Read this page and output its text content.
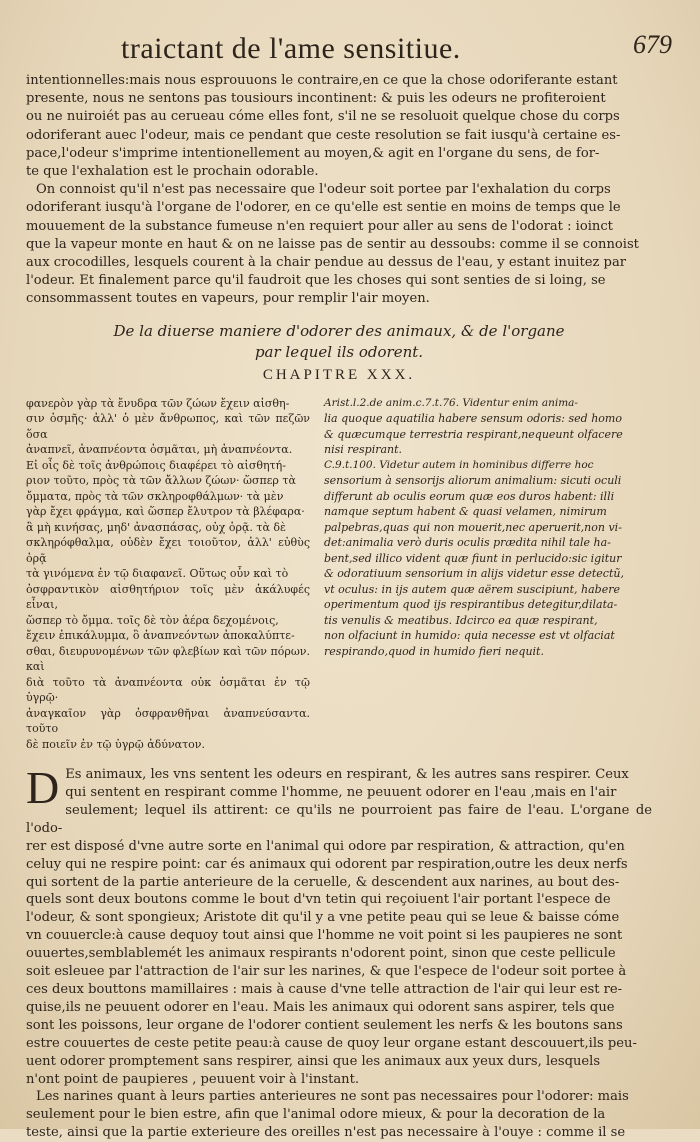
traictant de l'ame sensitiue.	679

intentionnelles:mais nous esprouuons le contraire,en ce que la chose odoriferante estant

presente, nous ne sentons pas tousiours incontinent: & puis les odeurs ne profiteroient

ou ne nuiroiét pas au cerueau cóme elles font, s'il ne se resoluoit quelque chose du corps

odoriferant auec l'odeur, mais ce pendant que ceste resolution se fait iusqu'à certaine es-

pace,l'odeur s'imprime intentionellement au moyen,& agit en l'organe du sens, de for-

te que l'exhalation est le prochain odorable.

On connoist qu'il n'est pas necessaire que l'odeur soit portee par l'exhalation du corps

odoriferant iusqu'à l'organe de l'odorer, en ce qu'elle est sentie en moins de temps que le

mouuement de la substance fumeuse n'en requiert pour aller au sens de l'odorat : ioinct

que la vapeur monte en haut & on ne laisse pas de sentir au dessoubs: comme il se connoist

aux crocodilles, lesquels courent à la chair pendue au dessus de l'eau, y estant inuitez par

l'odeur. Et finalement parce qu'il faudroit que les choses qui sont senties de si loing, se

consommassent toutes en vapeurs, pour remplir l'air moyen.

De la diuerse maniere d'odorer des animaux, & de l'organe
par lequel ils odorent.
CHAPITRE XXX.

φανερὸν γὰρ τὰ ἔνυδρα τῶν ζώων ἔχειν αἰσθη-

σιν ὀσμῆς· ἀλλ' ὁ μὲν ἄνθρωπος, καὶ τῶν πεζῶν ὅσα

ἀναπνεῖ, ἀναπνέοντα ὀσμᾶται, μὴ ἀναπνέοντα.

Εἰ οἷς δὲ τοῖς ἀνθρώποις διαφέρει τὸ αἰσθητή-

ριον τοῦτο, πρὸς τὰ τῶν ἄλλων ζώων· ὥσπερ τὰ

ὄμματα, πρὸς τὰ τῶν σκληροφθάλμων· τὰ μὲν

γὰρ ἔχει φράγμα, καὶ ὥσπερ ἔλυτρον τὰ βλέφαρα·

ἃ μὴ κινήσας, μηδ' ἀνασπάσας, οὐχ ὁρᾷ. τὰ δὲ

σκληρόφθαλμα, οὐδὲν ἔχει τοιοῦτον, ἀλλ' εὐθὺς ὁρᾷ

τὰ γινόμενα ἐν τῷ διαφανεῖ. Οὕτως οὖν καὶ τὸ

ὀσφραντικὸν αἰσθητήριον τοῖς μὲν ἀκάλυφές εἶναι,

ὥσπερ τὸ ὄμμα. τοῖς δὲ τὸν ἀέρα δεχομένοις,

ἔχειν ἐπικάλυμμα, ὃ ἀναπνεόντων ἀποκαλύπτε-

σθαι, διευρυνομένων τῶν φλεβίων καὶ τῶν πόρων. καὶ

διὰ τοῦτο τὰ ἀναπνέοντα οὐκ ὀσμᾶται ἐν τῷ ὑγρῷ·

ἀναγκαῖον γὰρ ὀσφρανθῆναι ἀναπνεύσαντα. τοῦτο

δὲ ποιεῖν ἐν τῷ ὑγρῷ ἀδύνατον.

Arist.l.2.de anim.c.7.t.76. Videntur enim anima-

lia quoque aquatilia habere sensum odoris: sed homo

& quæcumque terrestria respirant,nequeunt olfacere

nisi respirant.

C.9.t.100. Videtur autem in hominibus differre hoc

sensorium à sensorijs aliorum animalium: sicuti oculi

differunt ab oculis eorum quæ eos duros habent: illi

namque septum habent & quasi velamen, nimirum

palpebras,quas qui non mouerit,nec aperuerit,non vi-

det:animalia verò duris oculis prædita nihil tale ha-

bent,sed illico vident quæ fiunt in perlucido:sic igitur

& odoratiuum sensorium in alijs videtur esse detectũ,

vt oculus: in ijs autem quæ aërem suscipiunt, habere

operimentum quod ijs respirantibus detegitur,dilata-

tis venulis & meatibus. Idcirco ea quæ respirant,

non olfaciunt in humido: quia necesse est vt olfaciat

respirando,quod in humido fieri nequit.

D Es animaux, les vns sentent les odeurs en respirant, & les autres sans respirer. Ceux

qui sentent en respirant comme l'homme, ne peuuent odorer en l'eau ,mais en l'air

seulement; lequel ils attirent: ce qu'ils ne pourroient pas faire de l'eau. L'organe de l'odo-

rer est disposé d'vne autre sorte en l'animal qui odore par respiration, & attraction, qu'en

celuy qui ne respire point: car és animaux qui odorent par respiration,outre les deux nerfs

qui sortent de la partie anterieure de la ceruelle, & descendent aux narines, au bout des-

quels sont deux boutons comme le bout d'vn tetin qui reçoiuent l'air portant l'espece de

l'odeur, & sont spongieux; Aristote dit qu'il y a vne petite peau qui se leue & baisse cóme

vn couuercle:à cause dequoy tout ainsi que l'homme ne voit point si les paupieres ne sont

ouuertes,semblablemét les animaux respirants n'odorent point, sinon que ceste pellicule

soit esleuee par l'attraction de l'air sur les narines, & que l'espece de l'odeur soit portee à

ces deux bouttons mamillaires : mais à cause d'vne telle attraction de l'air qui leur est re-

quise,ils ne peuuent odorer en l'eau. Mais les animaux qui odorent sans aspirer, tels que

sont les poissons, leur organe de l'odorer contient seulement les nerfs & les boutons sans

estre couuertes de ceste petite peau:à cause de quoy leur organe estant descouuert,ils peu-

uent odorer promptement sans respirer, ainsi que les animaux aux yeux durs, lesquels

n'ont point de paupieres , peuuent voir à l'instant.

Les narines quant à leurs parties anterieures ne sont pas necessaires pour l'odorer: mais

seulement pour le bien estre, afin que l'animal odore mieux, & pour la decoration de la

teste, ainsi que la partie exterieure des oreilles n'est pas necessaire à l'ouye : comme il se
